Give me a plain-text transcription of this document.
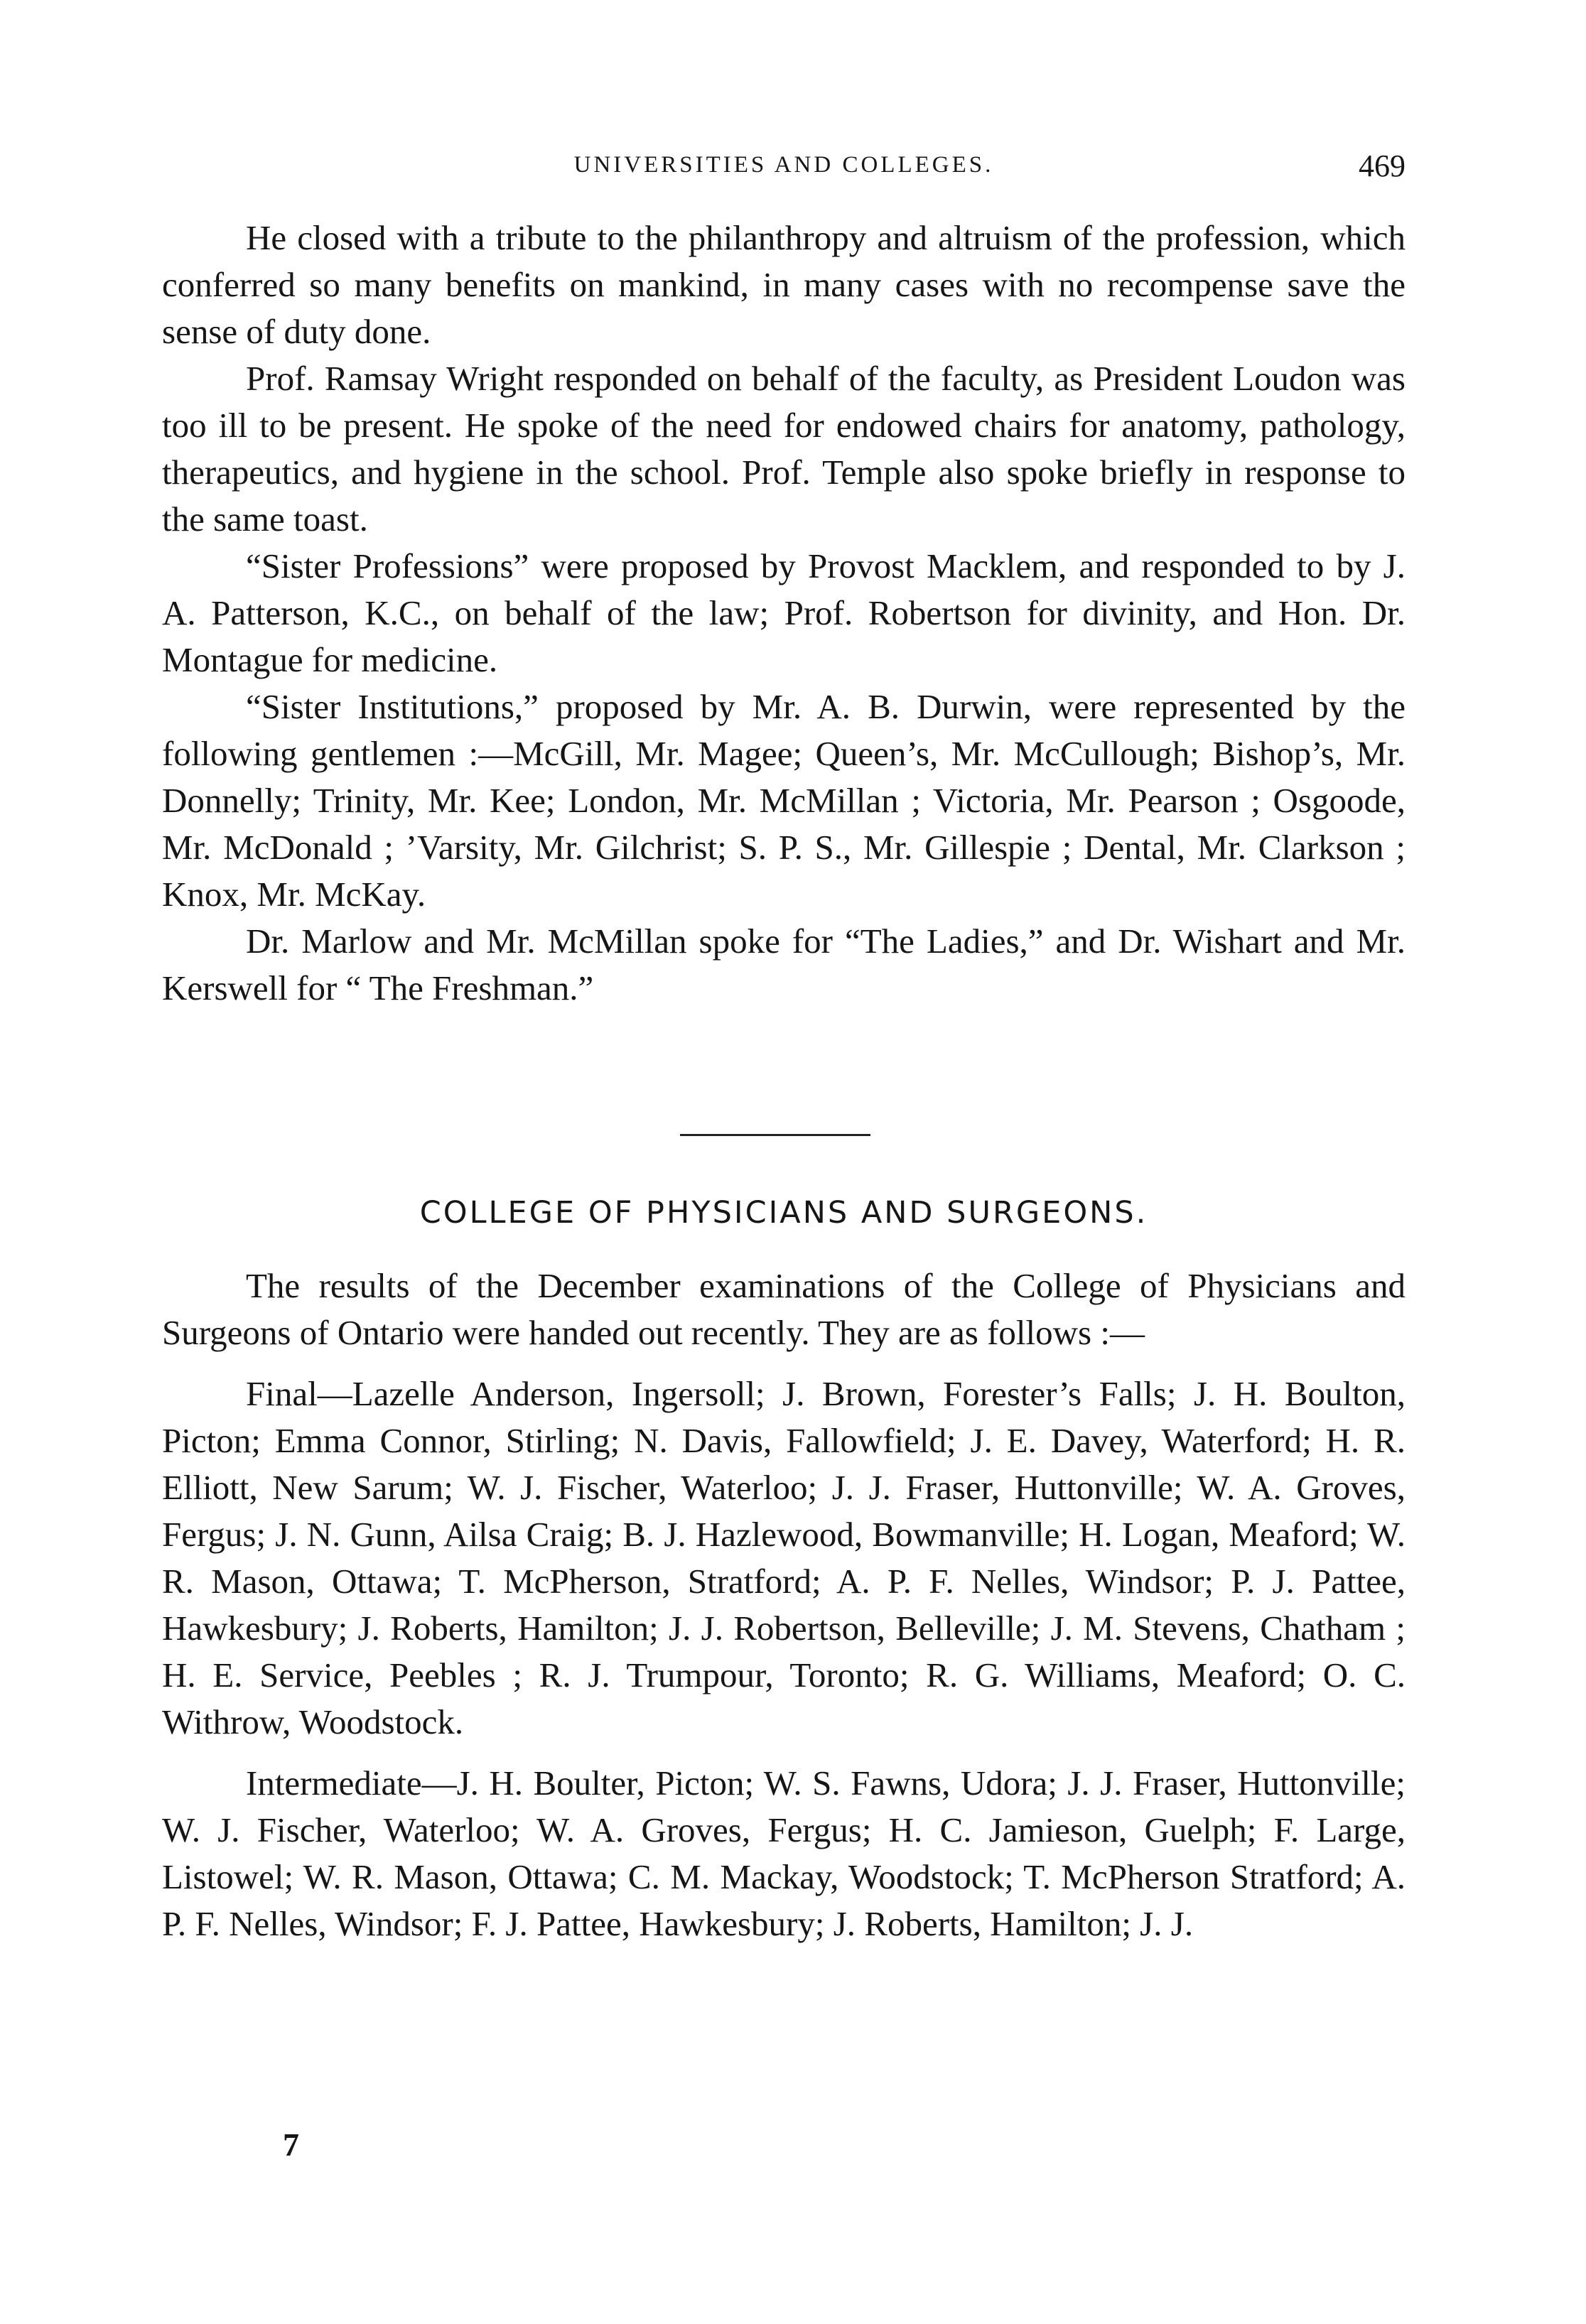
UNIVERSITIES AND COLLEGES.	469

He closed with a tribute to the philanthropy and altruism of the profession, which conferred so many benefits on mankind, in many cases with no recompense save the sense of duty done.

Prof. Ramsay Wright responded on behalf of the faculty, as President Loudon was too ill to be present. He spoke of the need for endowed chairs for anatomy, pathology, therapeutics, and hygiene in the school. Prof. Temple also spoke briefly in response to the same toast.

“Sister Professions” were proposed by Provost Macklem, and responded to by J. A. Patterson, K.C., on behalf of the law; Prof. Robertson for divinity, and Hon. Dr. Montague for medicine.

“Sister Institutions,” proposed by Mr. A. B. Durwin, were represented by the following gentlemen :—McGill, Mr. Magee; Queen’s, Mr. McCullough; Bishop’s, Mr. Donnelly; Trinity, Mr. Kee; London, Mr. McMillan ; Victoria, Mr. Pearson ; Osgoode, Mr. McDonald ; ’Varsity, Mr. Gilchrist; S. P. S., Mr. Gillespie ; Dental, Mr. Clarkson ; Knox, Mr. McKay.

Dr. Marlow and Mr. McMillan spoke for “The Ladies,” and Dr. Wishart and Mr. Kerswell for “ The Freshman.”

COLLEGE OF PHYSICIANS AND SURGEONS.

The results of the December examinations of the College of Physicians and Surgeons of Ontario were handed out recently. They are as follows :—

Final—Lazelle Anderson, Ingersoll; J. Brown, Forester’s Falls; J. H. Boulton, Picton; Emma Connor, Stirling; N. Davis, Fallowfield; J. E. Davey, Waterford; H. R. Elliott, New Sarum; W. J. Fischer, Waterloo; J. J. Fraser, Huttonville; W. A. Groves, Fergus; J. N. Gunn, Ailsa Craig; B. J. Hazlewood, Bowmanville; H. Logan, Meaford; W. R. Mason, Ottawa; T. McPherson, Stratford; A. P. F. Nelles, Windsor; P. J. Pattee, Hawkesbury; J. Roberts, Hamilton; J. J. Robertson, Belleville; J. M. Stevens, Chatham ; H. E. Service, Peebles ; R. J. Trumpour, Toronto; R. G. Williams, Meaford; O. C. Withrow, Woodstock.

Intermediate—J. H. Boulter, Picton; W. S. Fawns, Udora; J. J. Fraser, Huttonville; W. J. Fischer, Waterloo; W. A. Groves, Fergus; H. C. Jamieson, Guelph; F. Large, Listowel; W. R. Mason, Ottawa; C. M. Mackay, Woodstock; T. McPherson Stratford; A. P. F. Nelles, Windsor; F. J. Pattee, Hawkesbury; J. Roberts, Hamilton; J. J.

7
